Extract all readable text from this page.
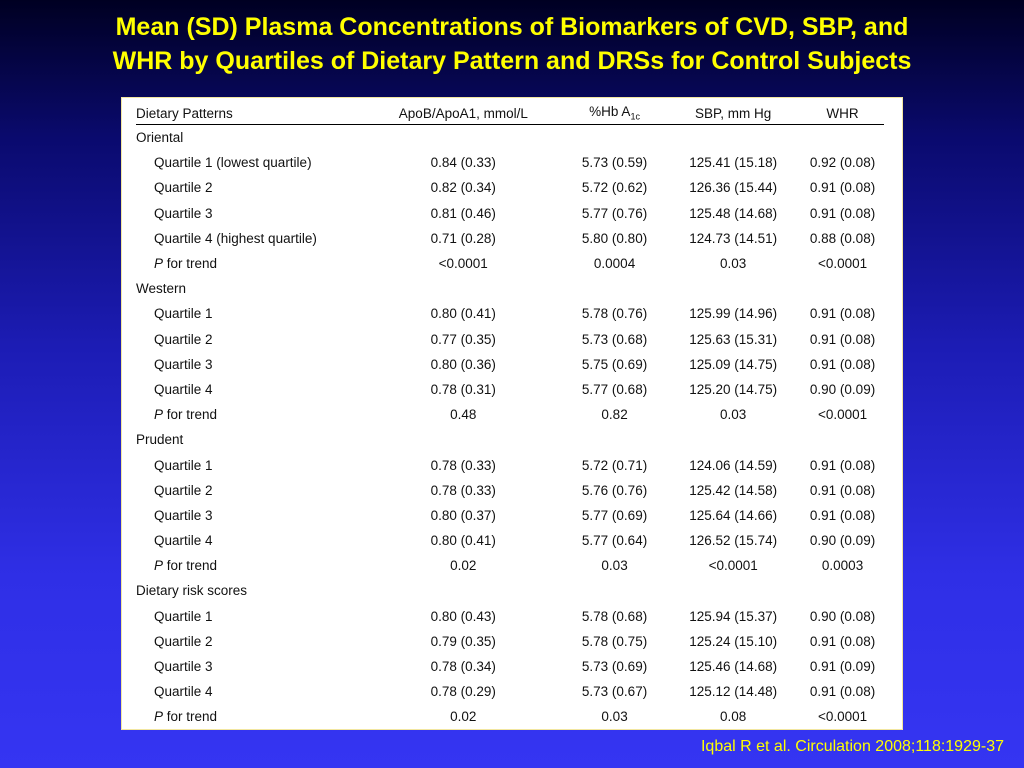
Mean (SD) Plasma Concentrations of Biomarkers of CVD, SBP, and
WHR by Quartiles of Dietary Pattern and DRSs for Control Subjects
Dietary Patterns	ApoB/ApoA1, mmol/L	%Hb $A_{1c}$	SBP, mm Hg	WHR
Oriental				
Quartile 1 (lowest quartile)	0.84 (0.33)	5.73 (0.59)	125.41 (15.18)	0.92 (0.08)
Quartile 2	0.82 (0.34)	5.72 (0.62)	126.36 (15.44)	0.91 (0.08)
Quartile 3	0.81 (0.46)	5.77 (0.76)	125.48 (14.68)	0.91 (0.08)
Quartile 4 (highest quartile)	0.71 (0.28)	5.80 (0.80)	124.73 (14.51)	0.88 (0.08)
P for trend	<0.0001	0.0004	0.03	<0.0001
Western				
Quartile 1	0.80 (0.41)	5.78 (0.76)	125.99 (14.96)	0.91 (0.08)
Quartile 2	0.77 (0.35)	5.73 (0.68)	125.63 (15.31)	0.91 (0.08)
Quartile 3	0.80 (0.36)	5.75 (0.69)	125.09 (14.75)	0.91 (0.08)
Quartile 4	0.78 (0.31)	5.77 (0.68)	125.20 (14.75)	0.90 (0.09)
P for trend	0.48	0.82	0.03	<0.0001
Prudent				
Quartile 1	0.78 (0.33)	5.72 (0.71)	124.06 (14.59)	0.91 (0.08)
Quartile 2	0.78 (0.33)	5.76 (0.76)	125.42 (14.58)	0.91 (0.08)
Quartile 3	0.80 (0.37)	5.77 (0.69)	125.64 (14.66)	0.91 (0.08)
Quartile 4	0.80 (0.41)	5.77 (0.64)	126.52 (15.74)	0.90 (0.09)
P for trend	0.02	0.03	<0.0001	0.0003
Dietary risk scores				
Quartile 1	0.80 (0.43)	5.78 (0.68)	125.94 (15.37)	0.90 (0.08)
Quartile 2	0.79 (0.35)	5.78 (0.75)	125.24 (15.10)	0.91 (0.08)
Quartile 3	0.78 (0.34)	5.73 (0.69)	125.46 (14.68)	0.91 (0.09)
Quartile 4	0.78 (0.29)	5.73 (0.67)	125.12 (14.48)	0.91 (0.08)
P for trend	0.02	0.03	0.08	<0.0001
Iqbal R et al. Circulation 2008;118:1929-37
